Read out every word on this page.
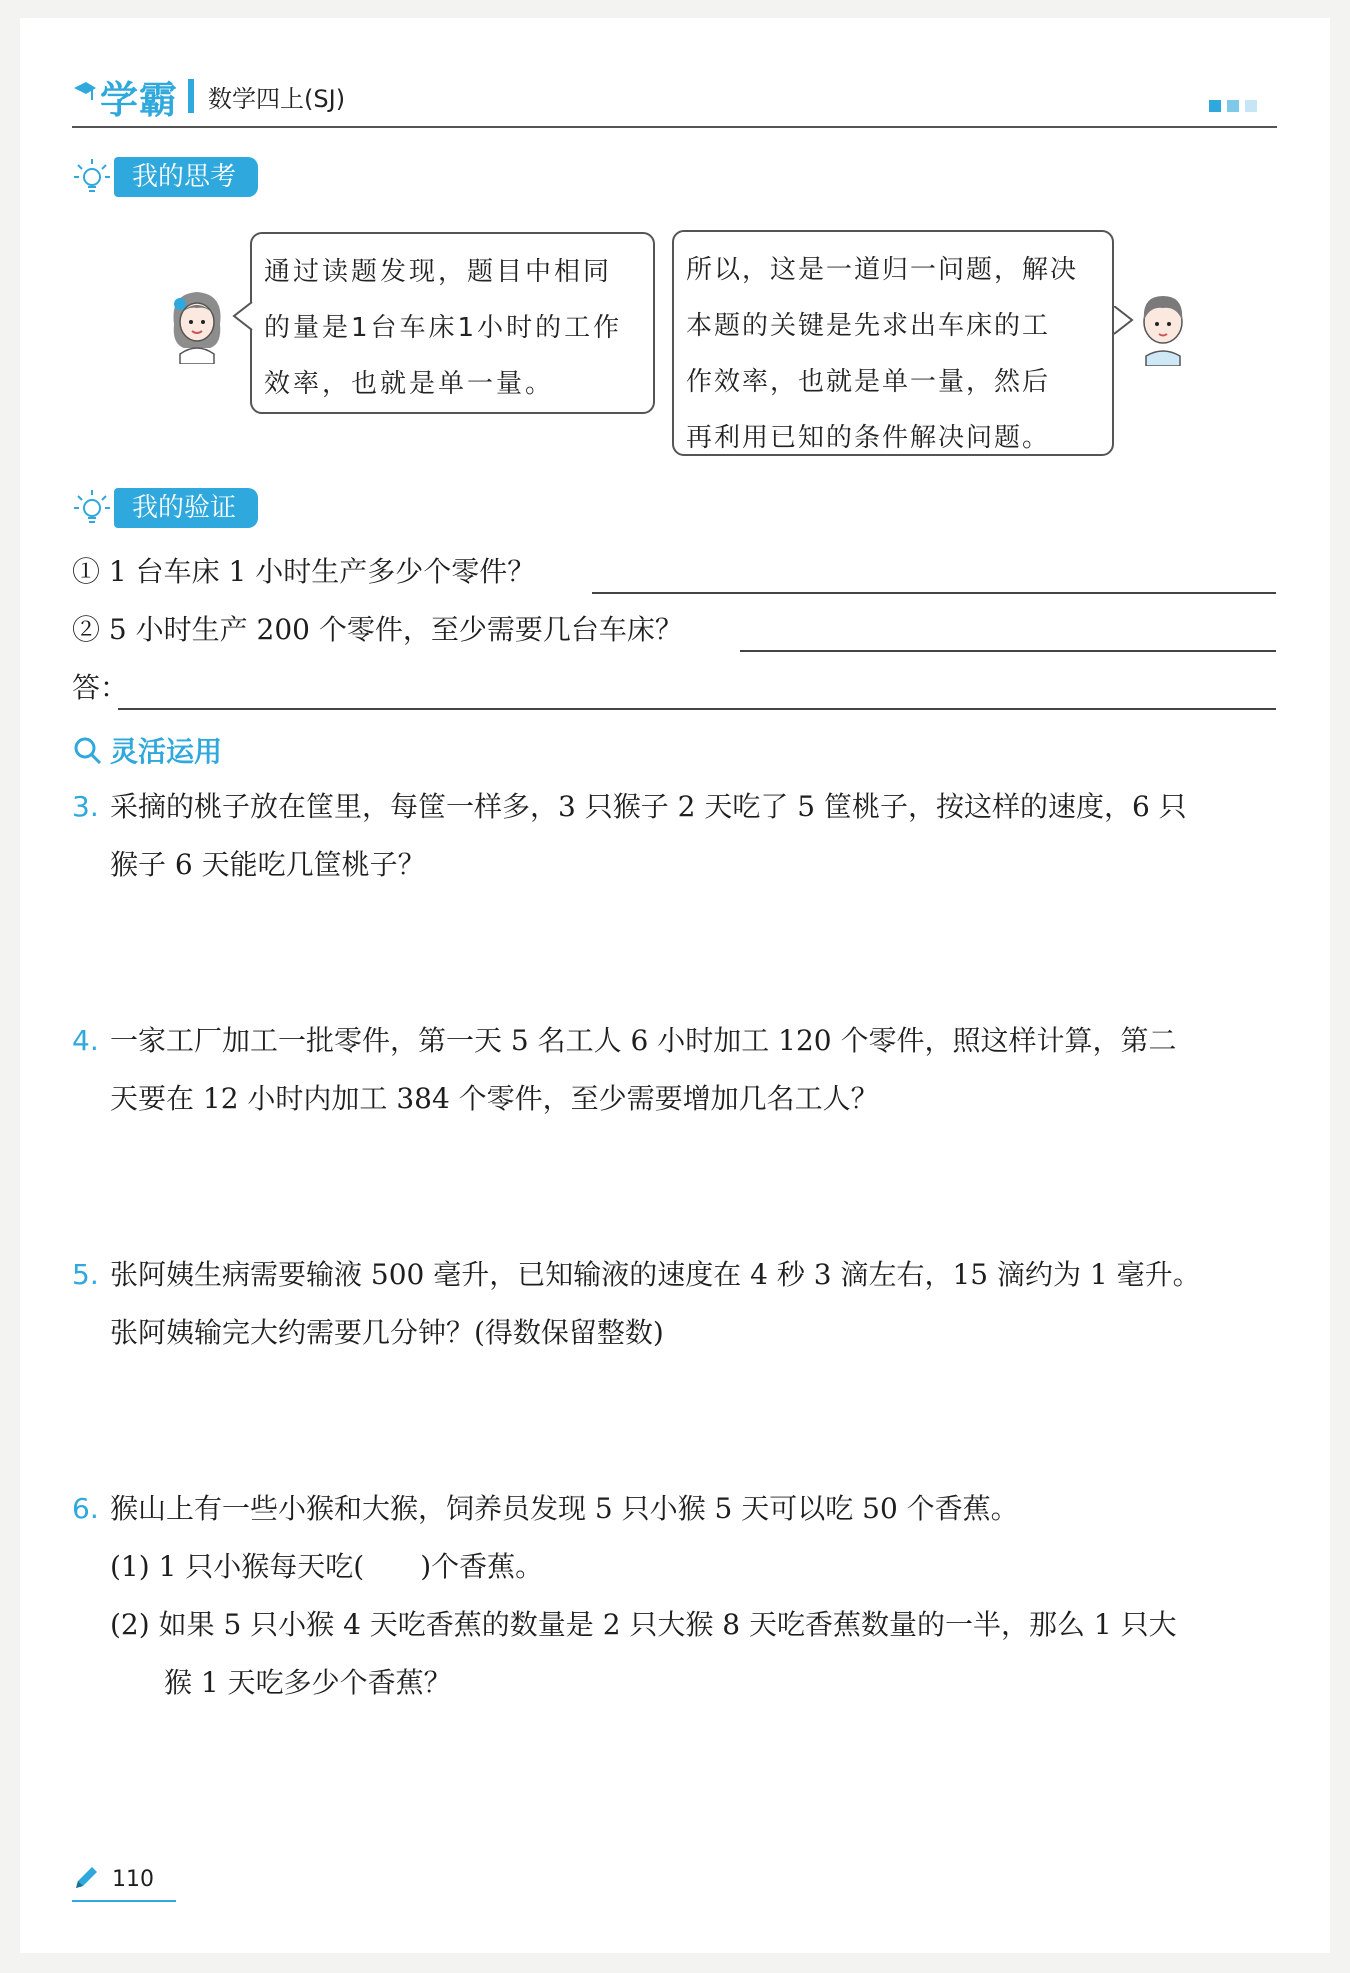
学霸 数学四上(SJ)
我的思考
通过读题发现，题目中相同
的量是1台车床1小时的工作
效率，也就是单一量。
所以，这是一道归一问题，解决
本题的关键是先求出车床的工
作效率，也就是单一量，然后
再利用已知的条件解决问题。
我的验证
① 1 台车床 1 小时生产多少个零件？
② 5 小时生产 200 个零件，至少需要几台车床？
答：
灵活运用
3. 采摘的桃子放在筐里，每筐一样多，3 只猴子 2 天吃了 5 筐桃子，按这样的速度，6 只
猴子 6 天能吃几筐桃子？
4. 一家工厂加工一批零件，第一天 5 名工人 6 小时加工 120 个零件，照这样计算，第二
天要在 12 小时内加工 384 个零件，至少需要增加几名工人？
5. 张阿姨生病需要输液 500 毫升，已知输液的速度在 4 秒 3 滴左右，15 滴约为 1 毫升。
张阿姨输完大约需要几分钟？(得数保留整数)
6. 猴山上有一些小猴和大猴，饲养员发现 5 只小猴 5 天可以吃 50 个香蕉。
(1) 1 只小猴每天吃(　　)个香蕉。
(2) 如果 5 只小猴 4 天吃香蕉的数量是 2 只大猴 8 天吃香蕉数量的一半，那么 1 只大
猴 1 天吃多少个香蕉？
110
